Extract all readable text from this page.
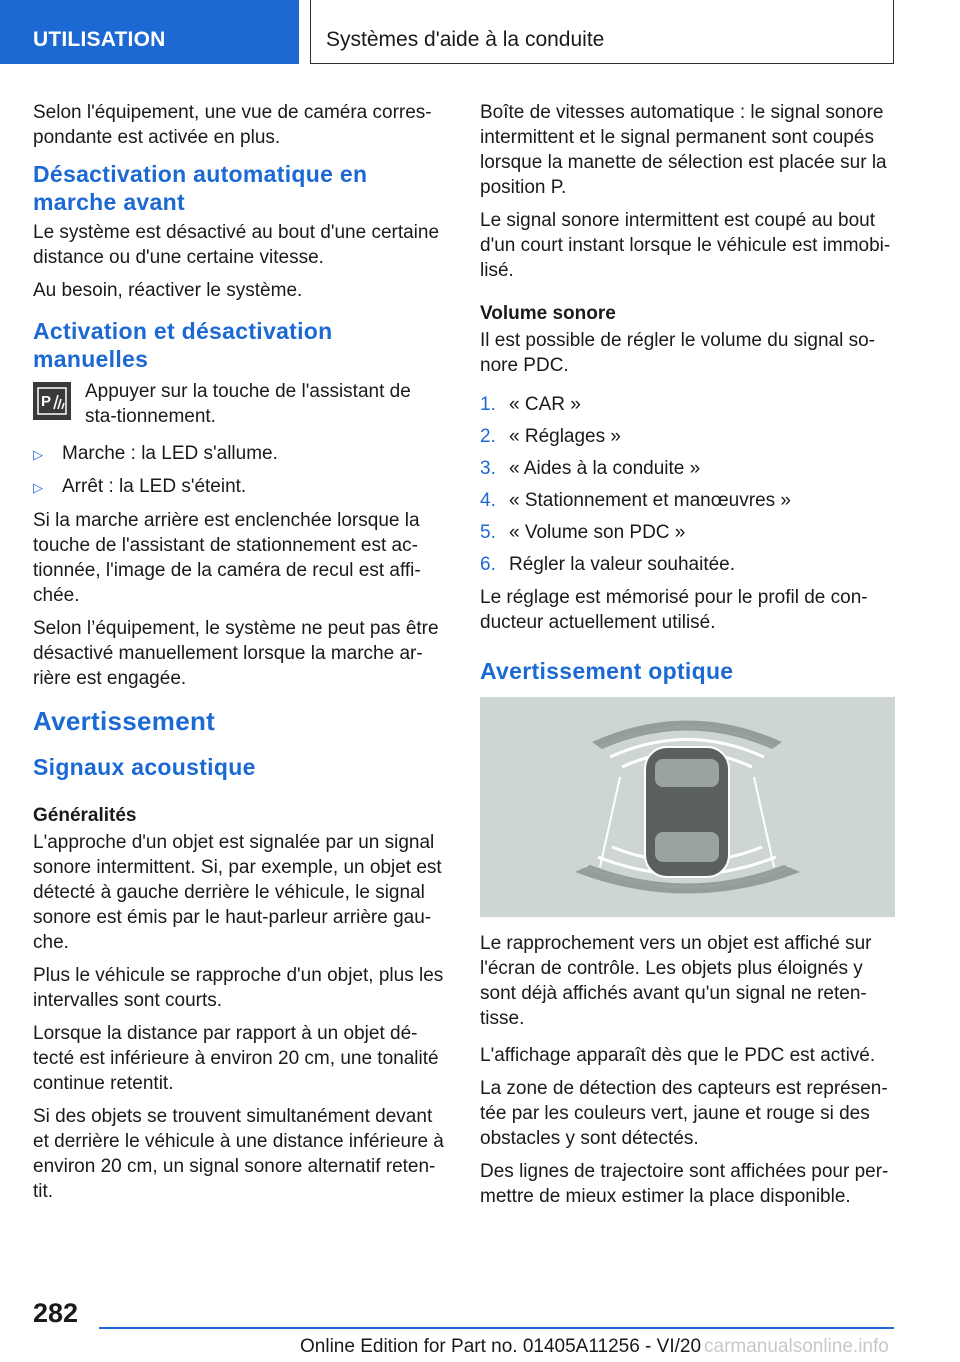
UTILISATION	Systèmes d'aide à la conduite

Selon l'équipement, une vue de caméra corres-pondante est activée en plus.

Désactivation automatique en marche avant

Le système est désactivé au bout d'une certaine distance ou d'une certaine vitesse.

Au besoin, réactiver le système.

Activation et désactivation manuelles
P Appuyer sur la touche de l'assistant de sta-tionnement.

▷	Marche : la LED s'allume.
▷	Arrêt : la LED s'éteint.

Si la marche arrière est enclenchée lorsque la touche de l'assistant de stationnement est ac-tionnée, l'image de la caméra de recul est affi-chée.

Selon l’équipement, le système ne peut pas être désactivé manuellement lorsque la marche ar-rière est engagée.

Avertissement
Signaux acoustique
Généralités

L'approche d'un objet est signalée par un signal sonore intermittent. Si, par exemple, un objet est détecté à gauche derrière le véhicule, le signal sonore est émis par le haut-parleur arrière gau-che.

Plus le véhicule se rapproche d'un objet, plus les intervalles sont courts.

Lorsque la distance par rapport à un objet dé-tecté est inférieure à environ 20 cm, une tonalité continue retentit.

Si des objets se trouvent simultanément devant et derrière le véhicule à une distance inférieure à environ 20 cm, un signal sonore alternatif reten-tit.

Boîte de vitesses automatique : le signal sonore intermittent et le signal permanent sont coupés lorsque la manette de sélection est placée sur la position P.

Le signal sonore intermittent est coupé au bout d'un court instant lorsque le véhicule est immobi-lisé.

Volume sonore

Il est possible de régler le volume du signal so-nore PDC.

1. « CAR »
2. « Réglages »
3. « Aides à la conduite »
4. « Stationnement et manœuvres »
5. « Volume son PDC »
6. Régler la valeur souhaitée.

Le réglage est mémorisé pour le profil de con-ducteur actuellement utilisé.

Avertissement optique

Le rapprochement vers un objet est affiché sur l'écran de contrôle. Les objets plus éloignés y sont déjà affichés avant qu'un signal ne reten-tisse.

L'affichage apparaît dès que le PDC est activé.

La zone de détection des capteurs est représen-tée par les couleurs vert, jaune et rouge si des obstacles y sont détectés.

Des lignes de trajectoire sont affichées pour per-mettre de mieux estimer la place disponible.

282
Online Edition for Part no. 01405A11256 - VI/20 carmanualsonline.info
